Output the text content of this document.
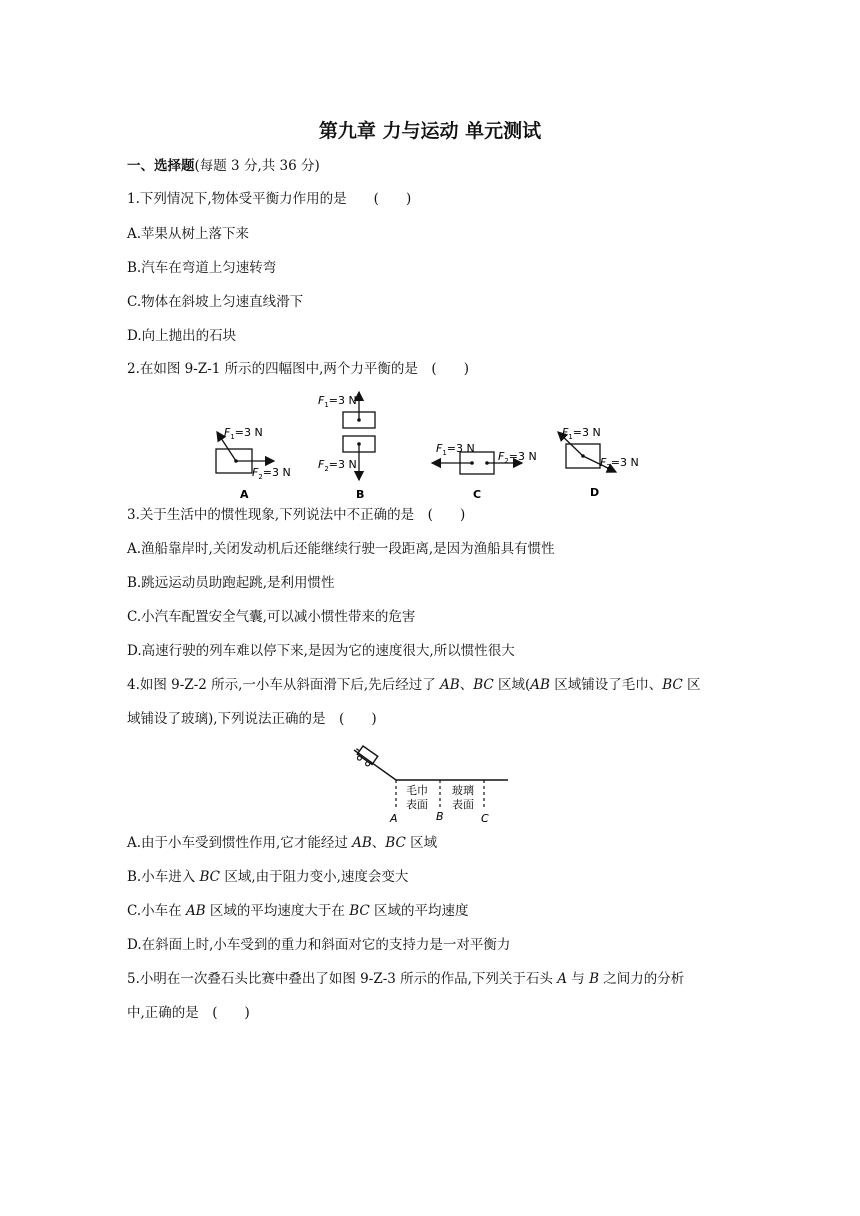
第九章 力与运动 单元测试
一、选择题(每题 3 分,共 36 分)
1.下列情况下,物体受平衡力作用的是　　(　　)
A.苹果从树上落下来
B.汽车在弯道上匀速转弯
C.物体在斜坡上匀速直线滑下
D.向上抛出的石块
2.在如图 9-Z-1 所示的四幅图中,两个力平衡的是　(　　)
$F_1=3$ N
$F_2=3$ N
A
$F_1=3$ N
$F_2=3$ N
B
$F_1=3$ N
$F_2=3$ N
C
$F_1=3$ N
$F_2=3$ N
D
3.关于生活中的惯性现象,下列说法中不正确的是　(　　)
A.渔船靠岸时,关闭发动机后还能继续行驶一段距离,是因为渔船具有惯性
B.跳远运动员助跑起跳,是利用惯性
C.小汽车配置安全气囊,可以减小惯性带来的危害
D.高速行驶的列车难以停下来,是因为它的速度很大,所以惯性很大
4.如图 9-Z-2 所示,一小车从斜面滑下后,先后经过了 AB、BC 区域(AB 区域铺设了毛巾、BC 区
域铺设了玻璃),下列说法正确的是　(　　)
毛巾
表面
玻璃
表面
A	B	C
A.由于小车受到惯性作用,它才能经过 AB、BC 区域
B.小车进入 BC 区域,由于阻力变小,速度会变大
C.小车在 AB 区域的平均速度大于在 BC 区域的平均速度
D.在斜面上时,小车受到的重力和斜面对它的支持力是一对平衡力
5.小明在一次叠石头比赛中叠出了如图 9-Z-3 所示的作品,下列关于石头 A 与 B 之间力的分析
中,正确的是　(　　)
